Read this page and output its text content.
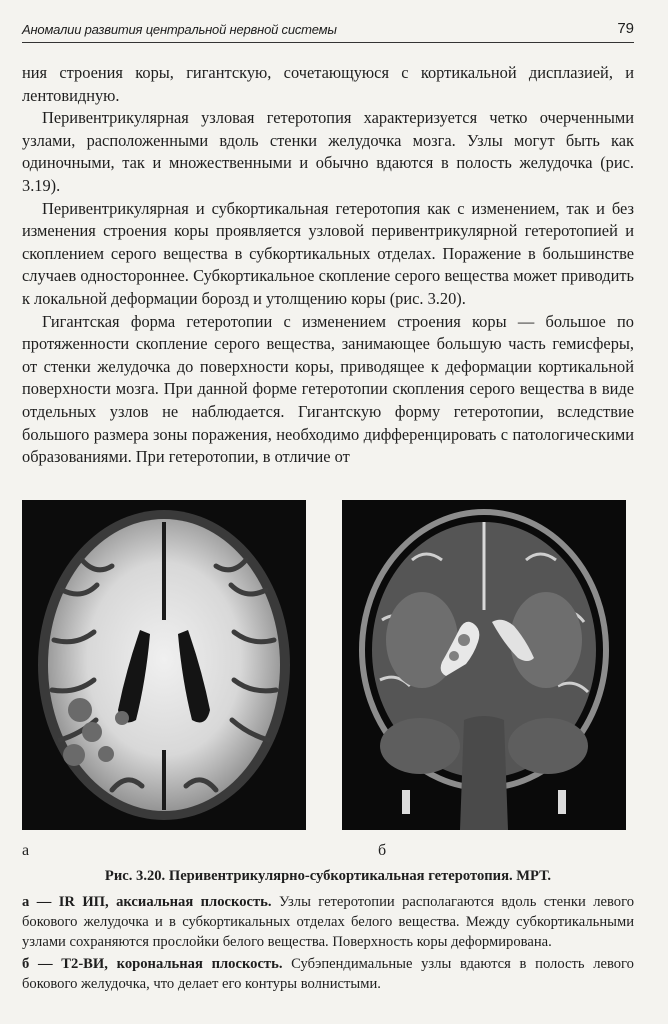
Аномалии развития центральной нервной системы	79

ния строения коры, гигантскую, сочетающуюся с кортикальной дисплазией, и лентовидную.

Перивентрикулярная узловая гетеротопия характеризуется четко очерченными узлами, расположенными вдоль стенки желудочка мозга. Узлы могут быть как одиночными, так и множественными и обычно вдаются в полость желудочка (рис. 3.19).

Перивентрикулярная и субкортикальная гетеротопия как с изменением, так и без изменения строения коры проявляется узловой перивентрикулярной гетеротопией и скоплением серого вещества в субкортикальных отделах. Поражение в большинстве случаев одностороннее. Субкортикальное скопление серого вещества может приводить к локальной деформации борозд и утолщению коры (рис. 3.20).

Гигантская форма гетеротопии с изменением строения коры — большое по протяженности скопление серого вещества, занимающее большую часть гемисферы, от стенки желудочка до поверхности коры, приводящее к деформации кортикальной поверхности мозга. При данной форме гетеротопии скопления серого вещества в виде отдельных узлов не наблюдается. Гигантскую форму гетеротопии, вследствие большого размера зоны поражения, необходимо дифференцировать с патологическими образованиями. При гетеротопии, в отличие от

а	б
Рис. 3.20. Перивентрикулярно-субкортикальная гетеротопия. МРТ.

а — IR ИП, аксиальная плоскость. Узлы гетеротопии располагаются вдоль стенки левого бокового желудочка и в субкортикальных отделах белого вещества. Между субкортикальными узлами сохраняются прослойки белого вещества. Поверхность коры деформирована.

б — Т2-ВИ, корональная плоскость. Субэпендимальные узлы вдаются в полость левого бокового желудочка, что делает его контуры волнистыми.
